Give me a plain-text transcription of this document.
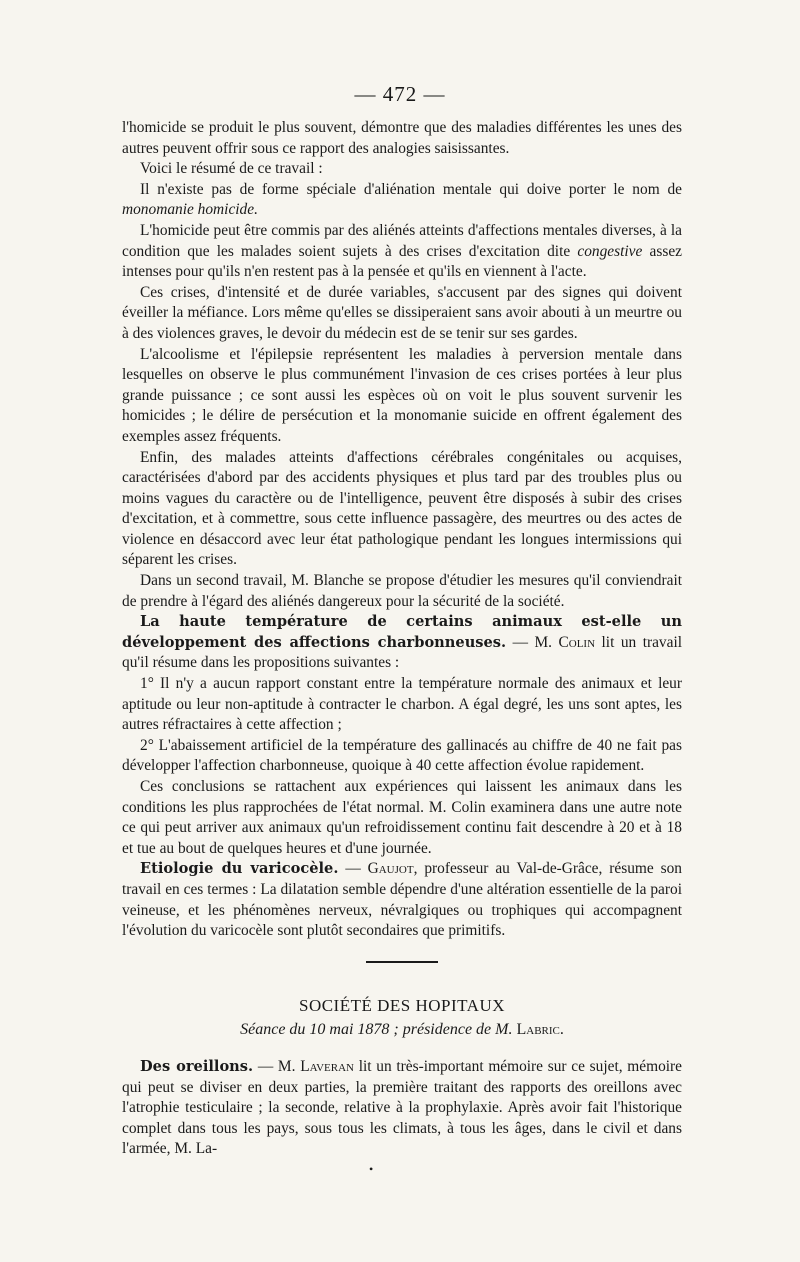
— 472 —

l'homicide se produit le plus souvent, démontre que des maladies différentes les unes des autres peuvent offrir sous ce rapport des analogies saisissantes.

Voici le résumé de ce travail :

Il n'existe pas de forme spéciale d'aliénation mentale qui doive porter le nom de monomanie homicide.

L'homicide peut être commis par des aliénés atteints d'affections mentales diverses, à la condition que les malades soient sujets à des crises d'excitation dite congestive assez intenses pour qu'ils n'en restent pas à la pensée et qu'ils en viennent à l'acte.

Ces crises, d'intensité et de durée variables, s'accusent par des signes qui doivent éveiller la méfiance. Lors même qu'elles se dissiperaient sans avoir abouti à un meurtre ou à des violences graves, le devoir du médecin est de se tenir sur ses gardes.

L'alcoolisme et l'épilepsie représentent les maladies à perversion mentale dans lesquelles on observe le plus communément l'invasion de ces crises portées à leur plus grande puissance ; ce sont aussi les espèces où on voit le plus souvent survenir les homicides ; le délire de persécution et la monomanie suicide en offrent également des exemples assez fréquents.

Enfin, des malades atteints d'affections cérébrales congénitales ou acquises, caractérisées d'abord par des accidents physiques et plus tard par des troubles plus ou moins vagues du caractère ou de l'intelligence, peuvent être disposés à subir des crises d'excitation, et à commettre, sous cette influence passagère, des meurtres ou des actes de violence en désaccord avec leur état pathologique pendant les longues intermissions qui séparent les crises.

Dans un second travail, M. Blanche se propose d'étudier les mesures qu'il conviendrait de prendre à l'égard des aliénés dangereux pour la sécurité de la société.

La haute température de certains animaux est-elle un développement des affections charbonneuses. — M. Colin lit un travail qu'il résume dans les propositions suivantes :

1° Il n'y a aucun rapport constant entre la température normale des animaux et leur aptitude ou leur non-aptitude à contracter le charbon. A égal degré, les uns sont aptes, les autres réfractaires à cette affection ;

2° L'abaissement artificiel de la température des gallinacés au chiffre de 40 ne fait pas développer l'affection charbonneuse, quoique à 40 cette affection évolue rapidement.

Ces conclusions se rattachent aux expériences qui laissent les animaux dans les conditions les plus rapprochées de l'état normal. M. Colin examinera dans une autre note ce qui peut arriver aux animaux qu'un refroidissement continu fait descendre à 20 et à 18 et tue au bout de quelques heures et d'une journée.

Etiologie du varicocèle. — Gaujot, professeur au Val-de-Grâce, résume son travail en ces termes : La dilatation semble dépendre d'une altération essentielle de la paroi veineuse, et les phénomènes nerveux, névralgiques ou trophiques qui accompagnent l'évolution du varicocèle sont plutôt secondaires que primitifs.

SOCIÉTÉ DES HOPITAUX
Séance du 10 mai 1878 ; présidence de M. Labric.

Des oreillons. — M. Laveran lit un très-important mémoire sur ce sujet, mémoire qui peut se diviser en deux parties, la première traitant des rapports des oreillons avec l'atrophie testiculaire ; la seconde, relative à la prophylaxie. Après avoir fait l'historique complet dans tous les pays, sous tous les climats, à tous les âges, dans le civil et dans l'armée, M. La-

•
